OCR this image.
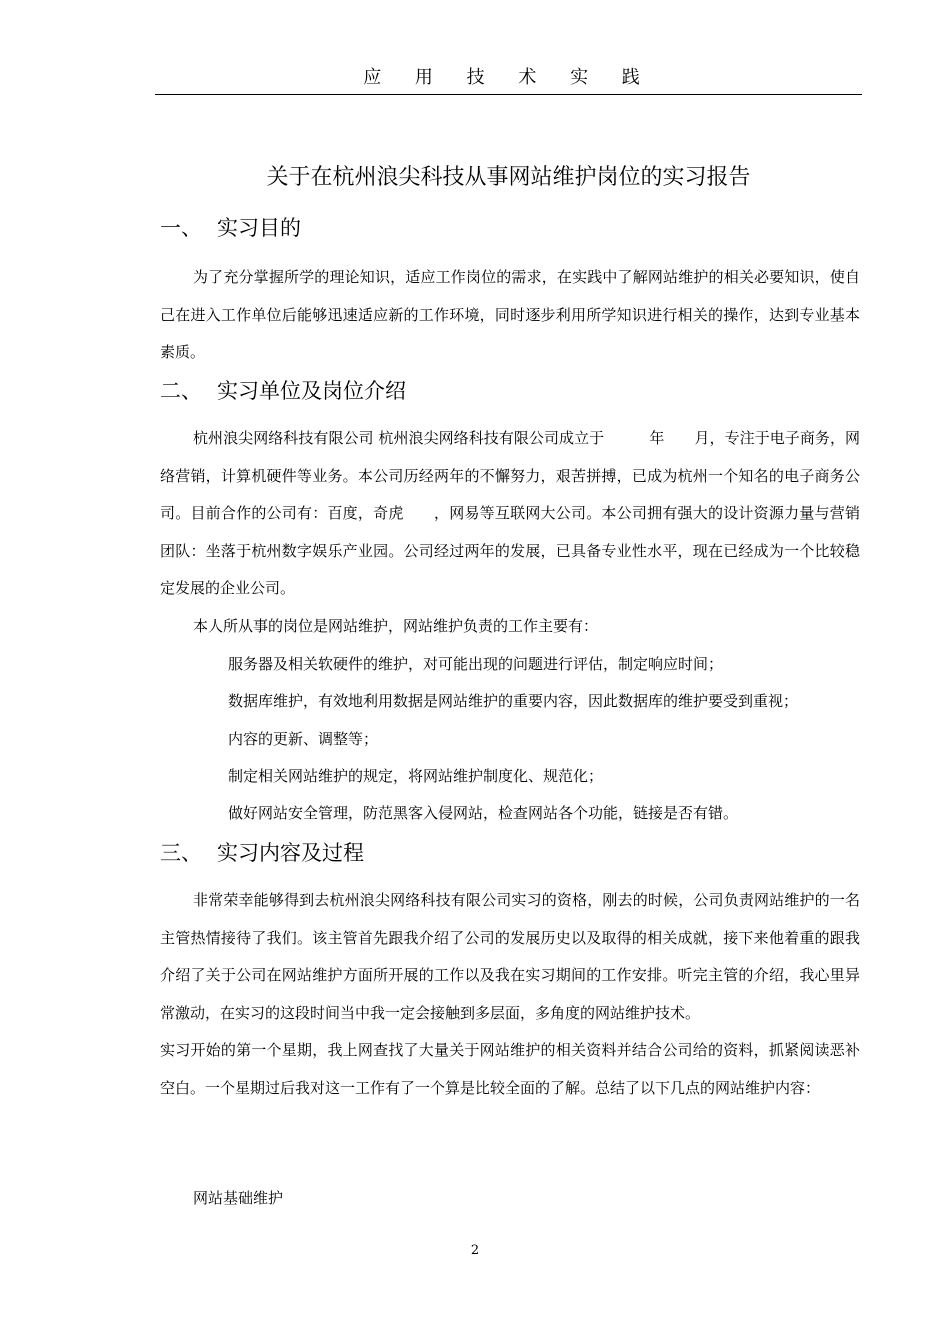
应 用 技 术 实 践
关于在杭州浪尖科技从事网站维护岗位的实习报告
一、 实习目的

为了充分掌握所学的理论知识，适应工作岗位的需求，在实践中了解网站维护的相关必要知识，使自己在进入工作单位后能够迅速适应新的工作环境，同时逐步利用所学知识进行相关的操作，达到专业基本素质。

二、 实习单位及岗位介绍

杭州浪尖网络科技有限公司 杭州浪尖网络科技有限公司成立于　　　年　　月，专注于电子商务，网络营销，计算机硬件等业务。本公司历经两年的不懈努力，艰苦拼搏，已成为杭州一个知名的电子商务公司。目前合作的公司有：百度，奇虎　　，网易等互联网大公司。本公司拥有强大的设计资源力量与营销团队：坐落于杭州数字娱乐产业园。公司经过两年的发展，已具备专业性水平，现在已经成为一个比较稳定发展的企业公司。

本人所从事的岗位是网站维护，网站维护负责的工作主要有：
服务器及相关软硬件的维护，对可能出现的问题进行评估，制定响应时间；
数据库维护，有效地利用数据是网站维护的重要内容，因此数据库的维护要受到重视；
内容的更新、调整等；
制定相关网站维护的规定，将网站维护制度化、规范化；
做好网站安全管理，防范黑客入侵网站，检查网站各个功能，链接是否有错。
三、 实习内容及过程

非常荣幸能够得到去杭州浪尖网络科技有限公司实习的资格，刚去的时候，公司负责网站维护的一名主管热情接待了我们。该主管首先跟我介绍了公司的发展历史以及取得的相关成就，接下来他着重的跟我介绍了关于公司在网站维护方面所开展的工作以及我在实习期间的工作安排。听完主管的介绍，我心里异常激动，在实习的这段时间当中我一定会接触到多层面，多角度的网站维护技术。

实习开始的第一个星期，我上网查找了大量关于网站维护的相关资料并结合公司给的资料，抓紧阅读恶补空白。一个星期过后我对这一工作有了一个算是比较全面的了解。总结了以下几点的网站维护内容：

网站基础维护
2
